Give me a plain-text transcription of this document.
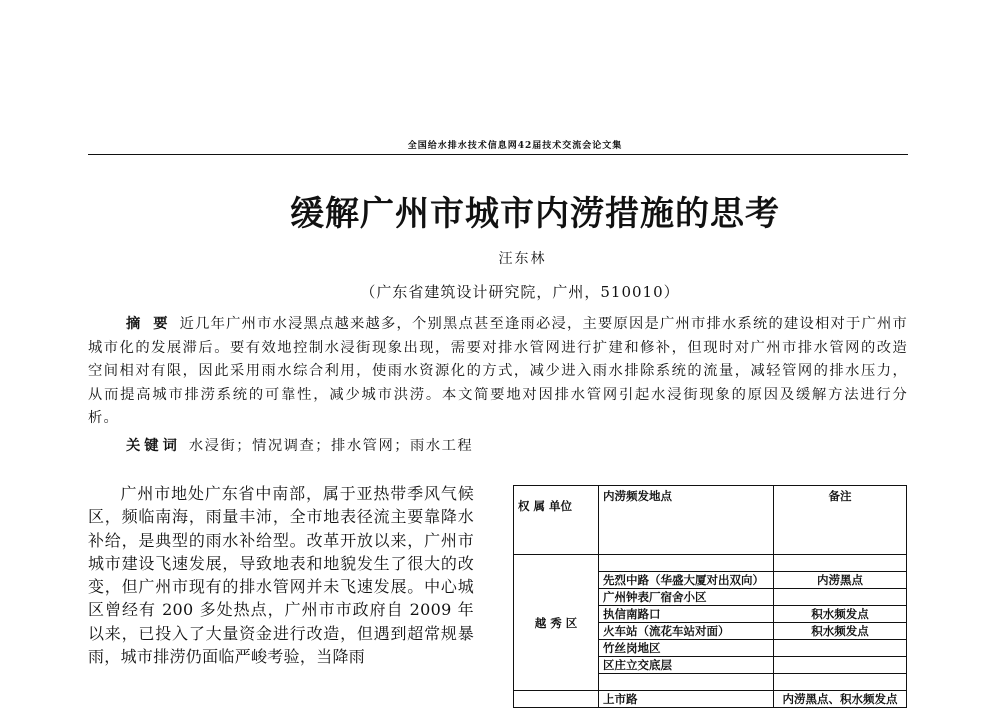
全国给水排水技术信息网42届技术交流会论文集
缓解广州市城市内涝措施的思考
汪东林
（广东省建筑设计研究院，广州，510010）
摘 要 近几年广州市水浸黑点越来越多，个别黑点甚至逢雨必浸，主要原因是广州市排水系统的建设相对于广州市城市化的发展滞后。要有效地控制水浸街现象出现，需要对排水管网进行扩建和修补，但现时对广州市排水管网的改造空间相对有限，因此采用雨水综合利用，使雨水资源化的方式，减少进入雨水排除系统的流量，减轻管网的排水压力，从而提高城市排涝系统的可靠性，减少城市洪涝。本文简要地对因排水管网引起水浸街现象的原因及缓解方法进行分析。
关键词 水浸街；情况调查；排水管网；雨水工程
广州市地处广东省中南部，属于亚热带季风气候区，频临南海，雨量丰沛，全市地表径流主要靠降水补给，是典型的雨水补给型。改革开放以来，广州市城市建设飞速发展，导致地表和地貌发生了很大的改变，但广州市现有的排水管网并未飞速发展。中心城区曾经有 200 多处热点，广州市市政府自 2009 年以来，已投入了大量资金进行改造，但遇到超常规暴雨，城市排涝仍面临严峻考验，当降雨
权 属 单位	内涝频发地点	备注
越 秀 区		
	先烈中路（华盛大厦对出双向）	内涝黑点
	广州钟表厂宿舍小区	
	执信南路口	积水频发点
	火车站（流花车站对面）	积水频发点
	竹丝岗地区	
	区庄立交底层	

	上市路	内涝黑点、积水频发点
